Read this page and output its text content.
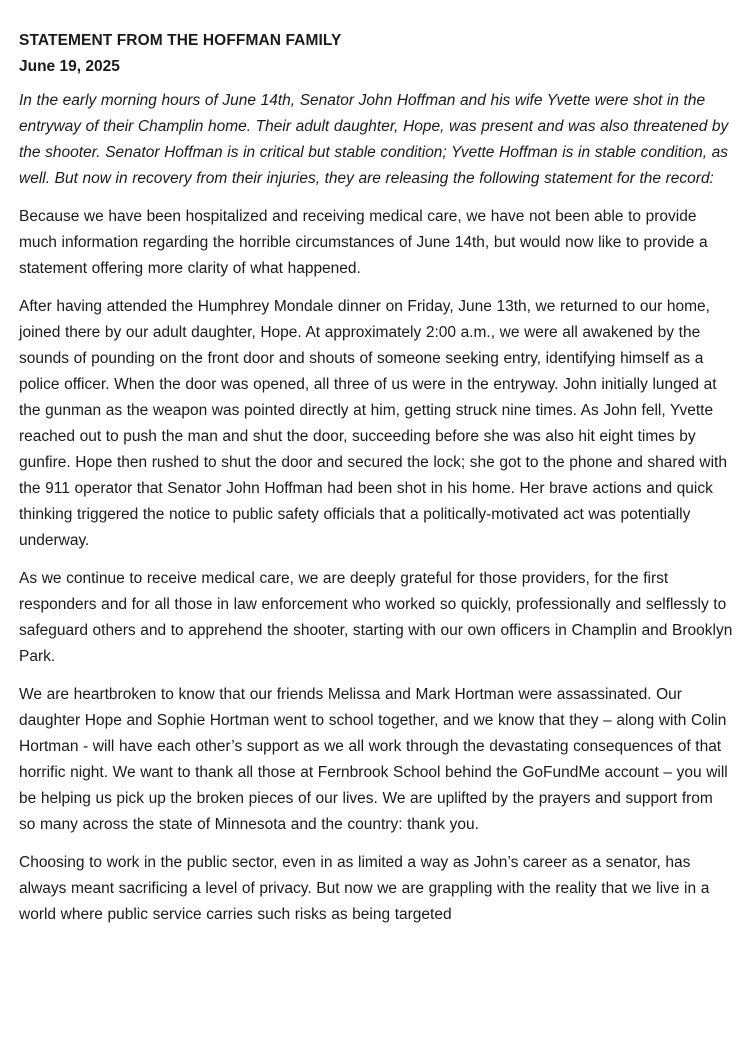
STATEMENT FROM THE HOFFMAN FAMILY
June 19, 2025

In the early morning hours of June 14th, Senator John Hoffman and his wife Yvette were shot in the entryway of their Champlin home. Their adult daughter, Hope, was present and was also threatened by the shooter. Senator Hoffman is in critical but stable condition; Yvette Hoffman is in stable condition, as well. But now in recovery from their injuries, they are releasing the following statement for the record:

Because we have been hospitalized and receiving medical care, we have not been able to provide much information regarding the horrible circumstances of June 14th, but would now like to provide a statement offering more clarity of what happened.

After having attended the Humphrey Mondale dinner on Friday, June 13th, we returned to our home, joined there by our adult daughter, Hope. At approximately 2:00 a.m., we were all awakened by the sounds of pounding on the front door and shouts of someone seeking entry, identifying himself as a police officer. When the door was opened, all three of us were in the entryway. John initially lunged at the gunman as the weapon was pointed directly at him, getting struck nine times. As John fell, Yvette reached out to push the man and shut the door, succeeding before she was also hit eight times by gunfire. Hope then rushed to shut the door and secured the lock; she got to the phone and shared with the 911 operator that Senator John Hoffman had been shot in his home. Her brave actions and quick thinking triggered the notice to public safety officials that a politically-motivated act was potentially underway.

As we continue to receive medical care, we are deeply grateful for those providers, for the first responders and for all those in law enforcement who worked so quickly, professionally and selflessly to safeguard others and to apprehend the shooter, starting with our own officers in Champlin and Brooklyn Park.

We are heartbroken to know that our friends Melissa and Mark Hortman were assassinated. Our daughter Hope and Sophie Hortman went to school together, and we know that they – along with Colin Hortman - will have each other’s support as we all work through the devastating consequences of that horrific night. We want to thank all those at Fernbrook School behind the GoFundMe account – you will be helping us pick up the broken pieces of our lives. We are uplifted by the prayers and support from so many across the state of Minnesota and the country: thank you.

Choosing to work in the public sector, even in as limited a way as John’s career as a senator, has always meant sacrificing a level of privacy. But now we are grappling with the reality that we live in a world where public service carries such risks as being targeted
